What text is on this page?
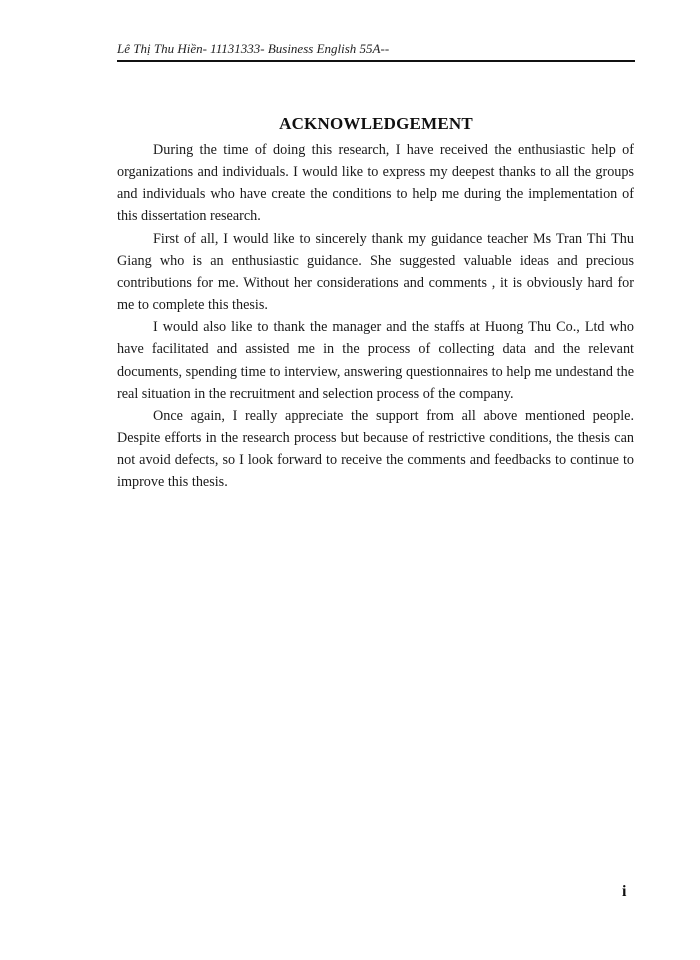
Lê Thị Thu Hiền- 11131333- Business English 55A--
ACKNOWLEDGEMENT

During the time of doing this research, I have received the enthusiastic help of organizations and individuals. I would like to express my deepest thanks to all the groups and individuals who have create the conditions to help me during the implementation of this dissertation research.

First of all, I would like to sincerely thank my guidance teacher Ms Tran Thi Thu Giang who is an enthusiastic guidance. She suggested valuable ideas and precious contributions for me. Without her considerations and comments , it is obviously hard for me to complete this thesis.

I would also like to thank the manager and the staffs at Huong Thu Co., Ltd who have facilitated and assisted me in the process of collecting data and the relevant documents, spending time to interview, answering questionnaires to help me undestand the real situation in the recruitment and selection process of the company.

Once again, I really appreciate the support from all above mentioned people. Despite efforts in the research process but because of restrictive conditions, the thesis can not avoid defects, so I look forward to receive the comments and feedbacks to continue to improve this thesis.

i
